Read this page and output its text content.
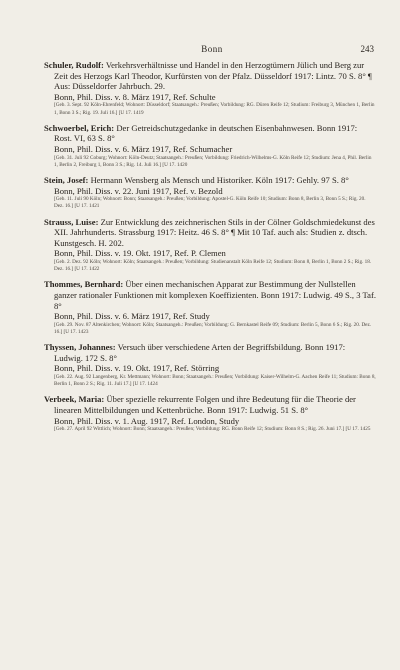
Bonn	243
Schuler, Rudolf: Verkehrsverhältnisse und Handel in den Herzogtümern Jülich und Berg zur Zeit des Herzogs Karl Theodor, Kurfürsten von der Pfalz. Düsseldorf 1917: Lintz. 70 S. 8° ¶ Aus: Düsseldorfer Jahrbuch. 29.
Bonn, Phil. Diss. v. 8. März 1917, Ref. Schulte
[Geb. 3. Sept. 92 Köln-Ehrenfeld; Wohnort: Düsseldorf; Staatsangeh.: Preußen; Vorbildung: RG. Düren Reife 12; Studium: Freiburg 3, München 1, Berlin 1, Bonn 3 S.; Rig. 19. Juli 16.] [U 17. 1419
Schwoerbel, Erich: Der Getreidschutzgedanke in deutschen Eisenbahnwesen. Bonn 1917: Rost. VI, 63 S. 8°
Bonn, Phil. Diss. v. 6. März 1917, Ref. Schumacher
[Geb. 31. Juli 92 Coburg; Wohnort: Köln-Deutz; Staatsangeh.: Preußen; Vorbildung: Friedrich-Wilhelms-G. Köln Reife 12; Studium: Jena 4, Phil. Berlin 1, Berlin 2, Freiburg 1, Bonn 3 S.; Rig. 14. Juli 16.] [U 17. 1420
Stein, Josef: Hermann Wensberg als Mensch und Historiker. Köln 1917: Gehly. 97 S. 8°
Bonn, Phil. Diss. v. 22. Juni 1917, Ref. v. Bezold
[Geb. 11. Juli 90 Köln; Wohnort: Bonn; Staatsangeh.: Preußen; Vorbildung: Apostel-G. Köln Reife 10; Studium: Bonn 8, Berlin 3, Bonn 5 S.; Rig. 20. Dez. 16.] [U 17. 1421
Strauss, Luise: Zur Entwicklung des zeichnerischen Stils in der Cölner Goldschmiedekunst des XII. Jahrhunderts. Strassburg 1917: Heitz. 46 S. 8° ¶ Mit 10 Taf. auch als: Studien z. dtsch. Kunstgesch. H. 202.
Bonn, Phil. Diss. v. 19. Okt. 1917, Ref. P. Clemen
[Geb. 2. Dez. 92 Köln; Wohnort: Köln; Staatsangeh.: Preußen; Vorbildung: Studienanstalt Köln Reife 12; Studium: Bonn 8, Berlin 1, Bonn 2 S.; Rig. 18. Dez. 16.] [U 17. 1422
Thommes, Bernhard: Über einen mechanischen Apparat zur Bestimmung der Nullstellen ganzer rationaler Funktionen mit komplexen Koeffizienten. Bonn 1917: Ludwig. 49 S., 3 Taf. 8°
Bonn, Phil. Diss. v. 6. März 1917, Ref. Study
[Geb. 29. Nov. 87 Altenkirchen; Wohnort: Köln; Staatsangeh.: Preußen; Vorbildung: G. Bernkastel Reife 09; Studium: Berlin 5, Bonn 6 S.; Rig. 20. Dez. 16.] [U 17. 1423
Thyssen, Johannes: Versuch über verschiedene Arten der Begriffsbildung. Bonn 1917: Ludwig. 172 S. 8°
Bonn, Phil. Diss. v. 19. Okt. 1917, Ref. Störring
[Geb. 22. Aug. 92 Langenberg, Kr. Mettmann; Wohnort: Bonn; Staatsangeh.: Preußen; Vorbildung: Kaiser-Wilhelm-G. Aachen Reife 11; Studium: Bonn 8, Berlin 1, Bonn 2 S.; Rig. 11. Juli 17.] [U 17. 1424
Verbeek, Maria: Über spezielle rekurrente Folgen und ihre Bedeutung für die Theorie der linearen Mittelbildungen und Kettenbrüche. Bonn 1917: Ludwig. 51 S. 8°
Bonn, Phil. Diss. v. 1. Aug. 1917, Ref. London, Study
[Geb. 27. April 92 Wittlich; Wohnort: Bonn; Staatsangeh.: Preußen; Vorbildung: RG. Bonn Reife 12; Studium: Bonn 8 S.; Rig. 26. Juni 17.] [U 17. 1425
